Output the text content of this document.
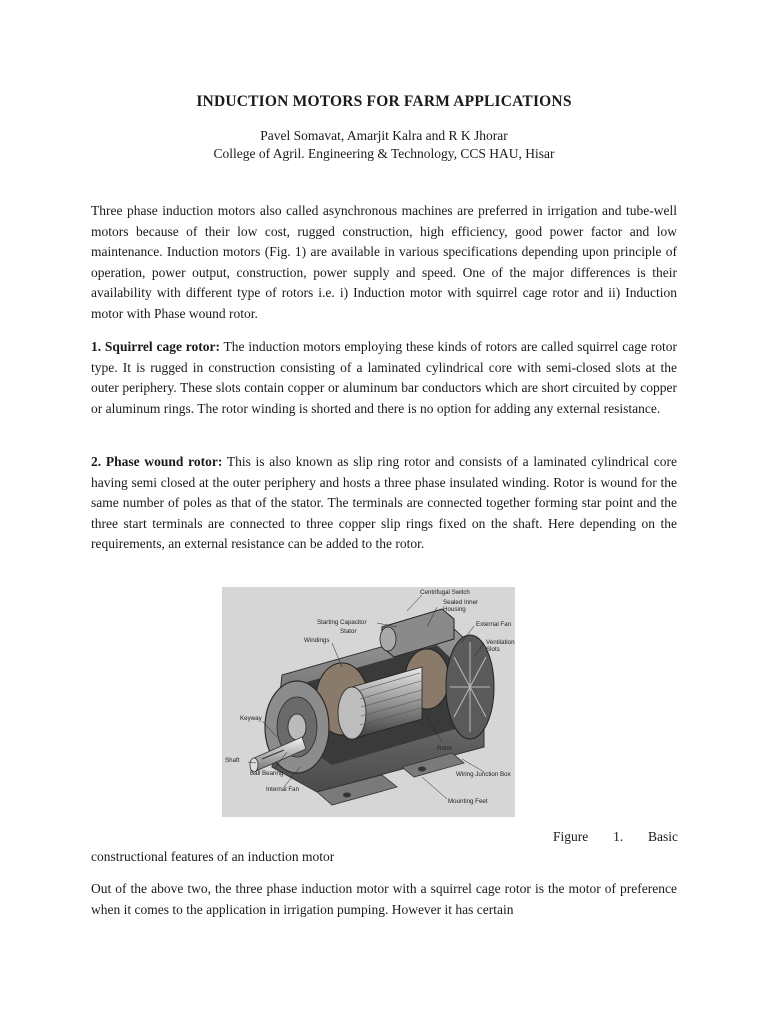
INDUCTION MOTORS FOR FARM APPLICATIONS
Pavel Somavat, Amarjit Kalra and R K Jhorar
College of Agril. Engineering & Technology, CCS HAU, Hisar

Three phase induction motors also called asynchronous machines are preferred in irrigation and tube-well motors because of their low cost, rugged construction, high efficiency, good power factor and low maintenance. Induction motors (Fig. 1) are available in various specifications depending upon principle of operation, power output, construction, power supply and speed. One of the major differences is their availability with different type of rotors i.e. i) Induction motor with squirrel cage rotor and ii) Induction motor with Phase wound rotor.

1. Squirrel cage rotor: The induction motors employing these kinds of rotors are called squirrel cage rotor type. It is rugged in construction consisting of a laminated cylindrical core with semi-closed slots at the outer periphery. These slots contain copper or aluminum bar conductors which are short circuited by copper or aluminum rings. The rotor winding is shorted and there is no option for adding any external resistance.

2. Phase wound rotor: This is also known as slip ring rotor and consists of a laminated cylindrical core having semi closed at the outer periphery and hosts a three phase insulated winding. Rotor is wound for the same number of poles as that of the stator. The terminals are connected together forming star point and the three start terminals are connected to three copper slip rings fixed on the shaft. Here depending on the requirements, an external resistance can be added to the rotor.

Centrifugal Switch
Sealed Inner
Housing
Starting Capacitor
Stator
Windings
External Fan
Ventilation
Slots
Keyway
Shaft
Ball Bearing
Internal Fan
Rotor
Wiring Junction Box
Mounting Feet
Figure 1. Basic
constructional features of an induction motor

Out of the above two, the three phase induction motor with a squirrel cage rotor is the motor of preference when it comes to the application in irrigation pumping. However it has certain
